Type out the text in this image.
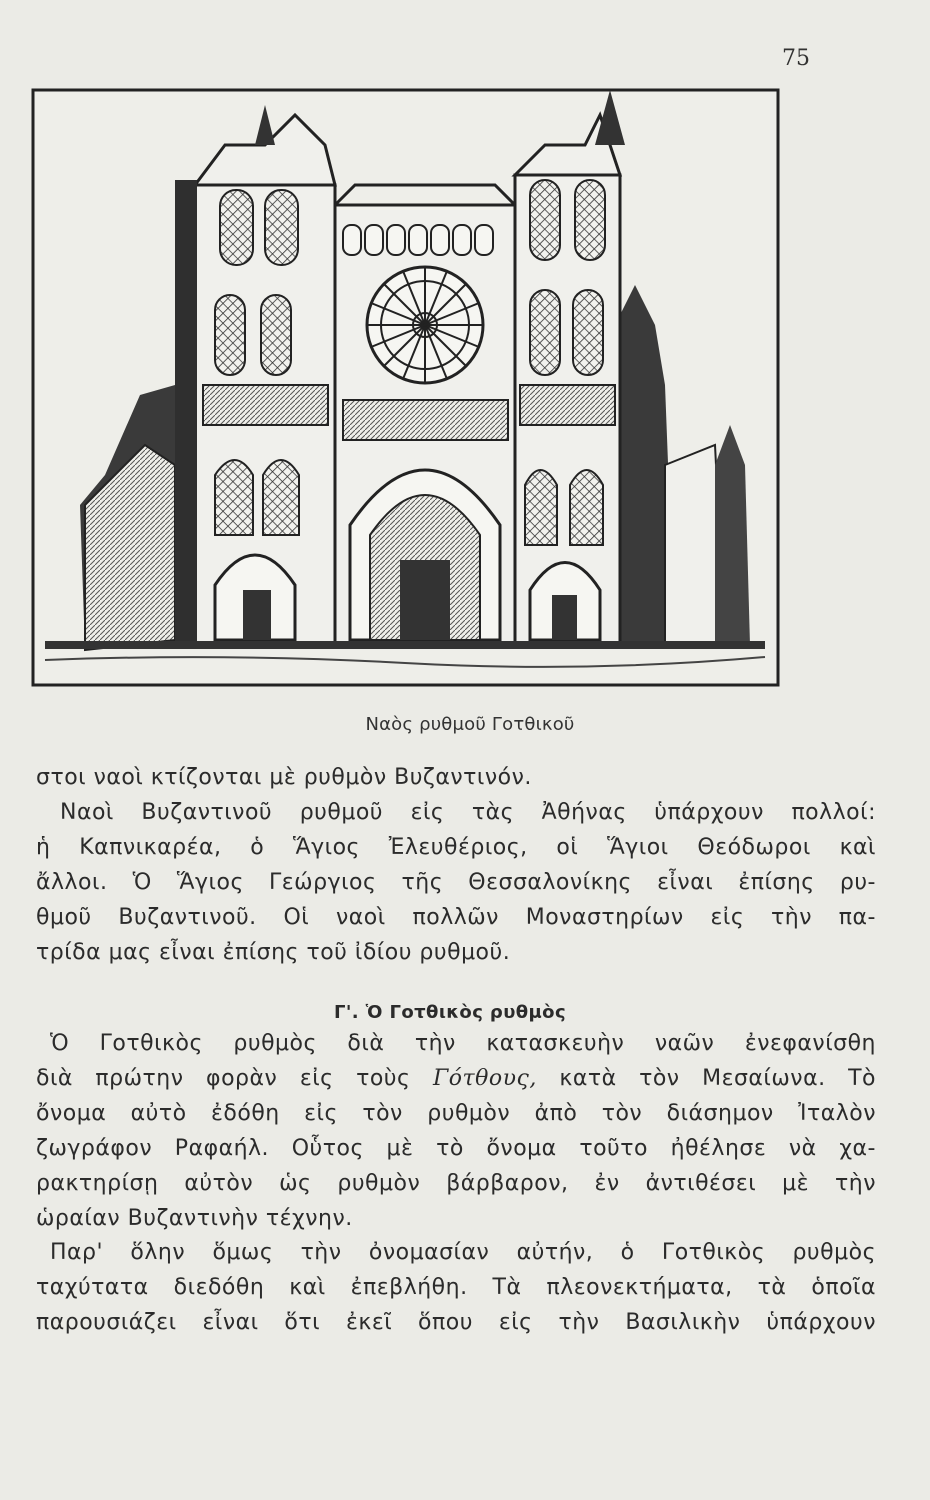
75
Ναὸς ρυθμοῦ Γοτθικοῦ
στοι ναοὶ κτίζονται μὲ ρυθμὸν Βυζαντινόν.
Ναοὶ Βυζαντινοῦ ρυθμοῦ εἰς τὰς Ἀθήνας ὑπάρχουν πολλοί:
ἡ Καπνικαρέα, ὁ Ἅγιος Ἐλευθέριος, οἱ Ἅγιοι Θεόδωροι καὶ
ἄλλοι. Ὁ Ἅγιος Γεώργιος τῆς Θεσσαλονίκης εἶναι ἐπίσης ρυ-
θμοῦ Βυζαντινοῦ. Οἱ ναοὶ πολλῶν Μοναστηρίων εἰς τὴν πα-
τρίδα μας εἶναι ἐπίσης τοῦ ἰδίου ρυθμοῦ.
Γ'. Ὁ Γοτθικὸς ρυθμὸς
Ὁ Γοτθικὸς ρυθμὸς διὰ τὴν κατασκευὴν ναῶν ἐνεφανίσθη
διὰ πρώτην φορὰν εἰς τοὺς Γότθους, κατὰ τὸν Μεσαίωνα. Τὸ
ὄνομα αὐτὸ ἐδόθη εἰς τὸν ρυθμὸν ἀπὸ τὸν διάσημον Ἰταλὸν
ζωγράφον Ραφαήλ. Οὗτος μὲ τὸ ὄνομα τοῦτο ἠθέλησε νὰ χα-
ρακτηρίσῃ αὐτὸν ὡς ρυθμὸν βάρβαρον, ἐν ἀντιθέσει μὲ τὴν
ὡραίαν Βυζαντινὴν τέχνην.
Παρ' ὅλην ὅμως τὴν ὀνομασίαν αὐτήν, ὁ Γοτθικὸς ρυθμὸς
ταχύτατα διεδόθη καὶ ἐπεβλήθη. Τὰ πλεονεκτήματα, τὰ ὁποῖα
παρουσιάζει εἶναι ὅτι ἐκεῖ ὅπου εἰς τὴν Βασιλικὴν ὑπάρχουν
